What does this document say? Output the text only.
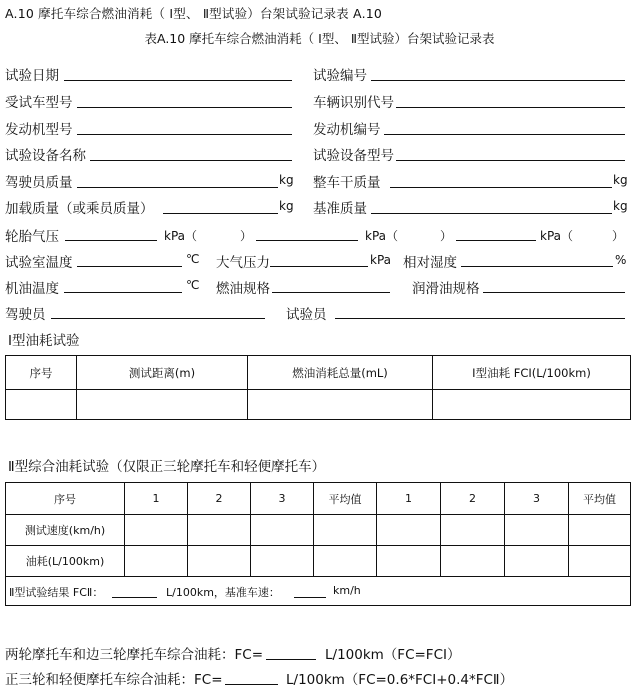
A.10 摩托车综合燃油消耗（ Ⅰ型、 Ⅱ型试验）台架试验记录表 A.10
表A.10 摩托车综合燃油消耗（ Ⅰ型、 Ⅱ型试验）台架试验记录表
试验日期	试验编号
受试车型号	车辆识别代号
发动机型号	发动机编号
试验设备名称	试验设备型号
驾驶员质量	kg 整车干质量	kg
加载质量（或乘员质量）	kg 基准质量	kg
轮胎气压	kPa（	）	kPa（	）	kPa（	）
试验室温度	℃ 大气压力	kPa 相对湿度	%
机油温度	℃ 燃油规格	润滑油规格
驾驶员	试验员
Ⅰ型油耗试验
序号	测试距离(m)	燃油消耗总量(mL)	Ⅰ型油耗 FCⅠ(L/100km)

Ⅱ型综合油耗试验（仅限正三轮摩托车和轻便摩托车）
序号	1	2	3	平均值	1	2	3	平均值
测试速度(km/h)								
油耗(L/100km)								
Ⅱ型试验结果 FCⅡ：	L/100km，基准车速：	km/h
两轮摩托车和边三轮摩托车综合油耗：FC=	L/100km（FC=FCⅠ）
正三轮和轻便摩托车综合油耗：FC=	L/100km（FC=0.6*FCⅠ+0.4*FCⅡ）
